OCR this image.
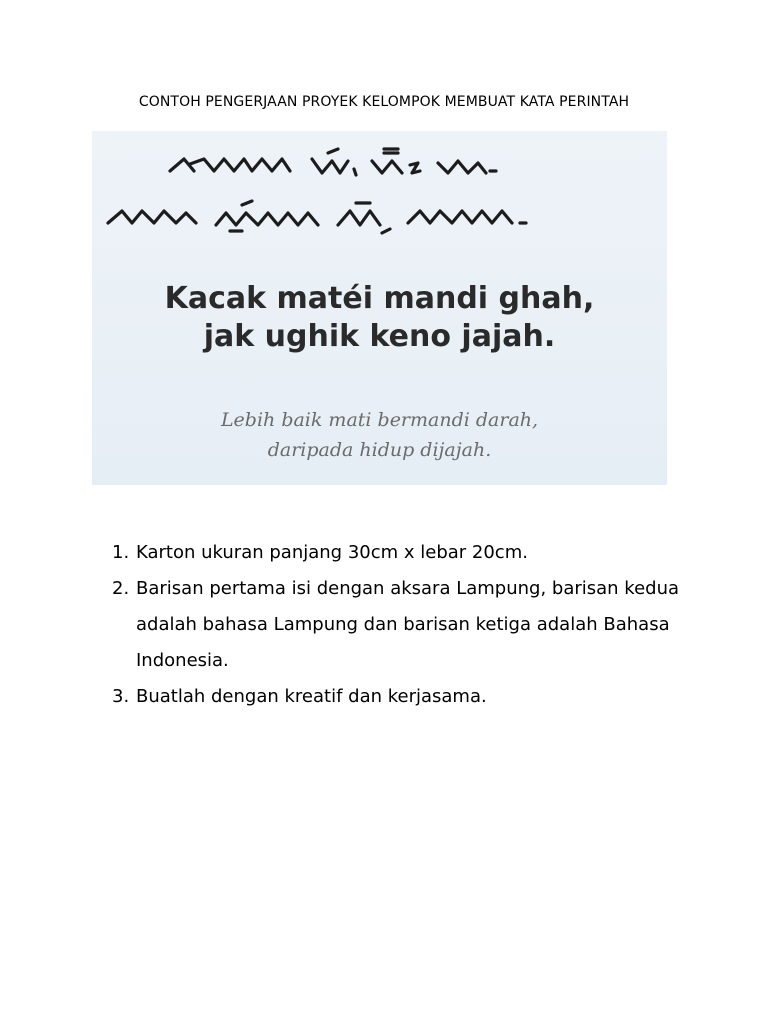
CONTOH PENGERJAAN PROYEK KELOMPOK MEMBUAT KATA PERINTAH
Kacak matéi mandi ghah,
jak ughik keno jajah.
Lebih baik mati bermandi darah,
daripada hidup dijajah.
1. Karton ukuran panjang 30cm x lebar 20cm.
2. Barisan pertama isi dengan aksara Lampung, barisan kedua adalah bahasa Lampung dan barisan ketiga adalah Bahasa Indonesia.
3. Buatlah dengan kreatif dan kerjasama.
